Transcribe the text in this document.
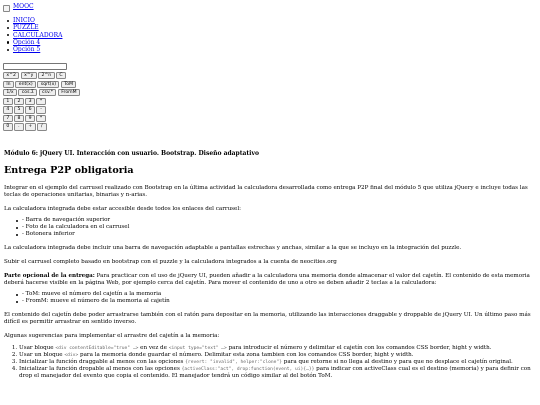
MOOC
INICIO
PUZZLE
CALCULADORA
Opción 4
Opción 5
x^2	x^y	2^n	C
ln	ent(x)	sqrt(x)	ToM
1/x	cos.Σ	csv.*	FromM
1	2	3	*
4	5	6	-
7	8	9	*
0	.	+	/
Módulo 6: jQuery UI. Interacción con usuario. Bootstrap. Diseño adaptativo
Entrega P2P obligatoria

Integrar en el ejemplo del carrusel realizado con Bootstrap en la última actividad la calculadora desarrollada como entrega P2P final del módulo 5 que utiliza jQuery e incluye todas las teclas de operaciones unitarias, binarias y n-arias.

La calculadora integrada debe estar accesible desde todos los enlaces del carrusel:

- Barra de navegación superior
- Foto de la calculadora en el carrusel
- Botonera inferior

La calculadora integrada debe incluir una barra de navegación adaptable a pantallas estrechas y anchas, similar a la que se incluyo en la integración del puzzle.

Subir el carrusel completo basado en bootstrap con el puzzle y la calculadora integrados a la cuenta de neocities.org

Parte opcional de la entrega: Para practicar con el uso de jQuery UI, pueden añadir a la calculadora una memoria donde almacenar el valor del cajetín. El contenido de esta memoria deberá hacerse visible en la página Web, por ejemplo cerca del cajetín. Para mover el contenido de uno a otro se deben añadir 2 teclas a la calculadora:

- ToM: mueve el número del cajetín a la memoria
- FromM: mueve el número de la memoria al cajetín

El contenido del cajetín debe poder arrastrarse también con el ratón para depositar en la memoria, utilizando las interacciones draggable y droppable de jQuery UI. Un último paso más difícil es permitir arrastrar en sentido inverso.

Algunas sugerencias para implementar el arrastre del cajetín a la memoria:

1. Usar bloque <div contentEditable="true" …> en vez de <input type="text" …> para introducir el número y delimitar el cajetín con los comandos CSS border, hight y width.
2. Usar un bloque <div> para la memoria donde guardar el número. Delimitar esta zona tambien con los comandos CSS border, hight y width.
3. Inicializar la función draggable al menos con las opciones {revert: "invalid", helper:"clone"} para que retorne si no llega al destino y para que no desplace el cajetín original.
4. Inicializar la función dropable al menos con las opciones {activeClass:"act", drop:function(event, ui){…}} para indicar con activeClass cual es el destino (memoria) y para definir con drop el manejador del evento que copia el contenido. El manejador tendrá un código similar al del botón ToM.
